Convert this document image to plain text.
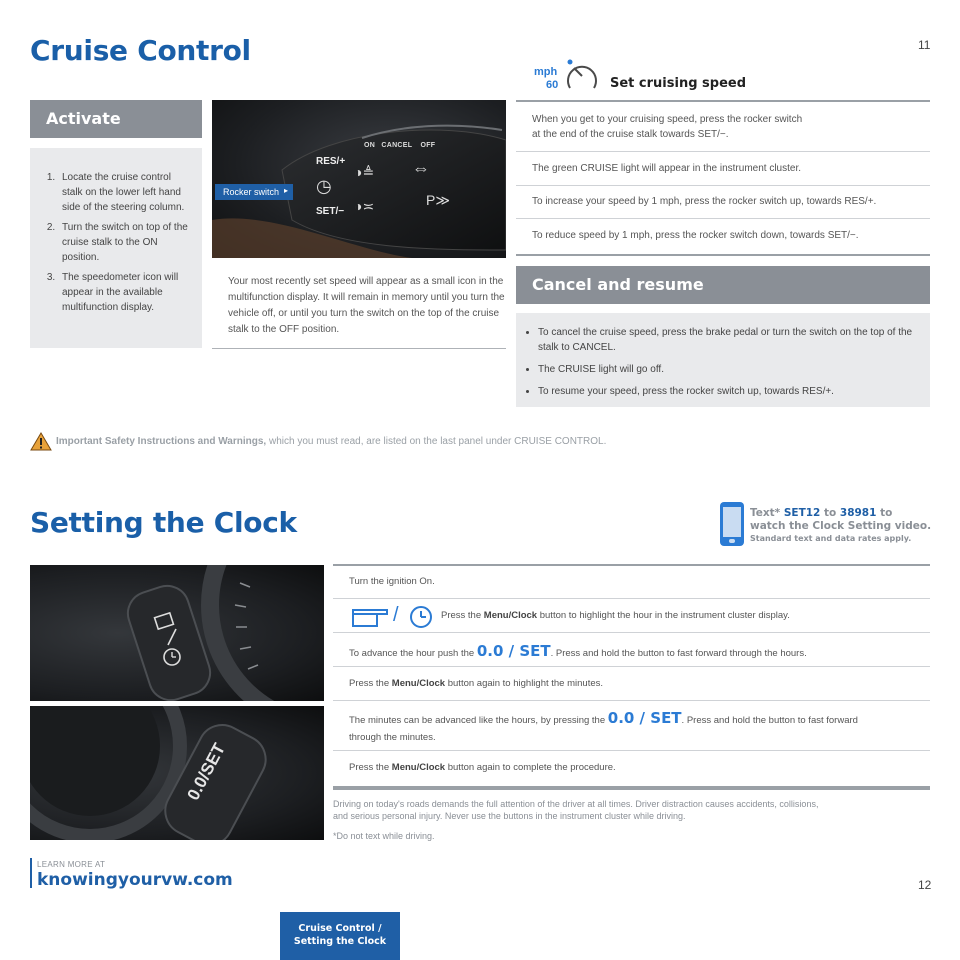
Cruise Control	11
Activate
1. Locate the cruise control stalk on the lower left hand side of the steering column.
2. Turn the switch on top of the cruise stalk to the ON position.
3. The speedometer icon will appear in the available multifunction display.
ON CANCEL OFF
RES/+
SET/−
◷
◑≜
◑≍
⇔
P≫
Rocker switch ▸
Your most recently set speed will appear as a small icon in the multifunction display. It will remain in memory until you turn the vehicle off, or until you turn the switch on the top of the cruise stalk to the OFF position.
mph
60	Set cruising speed
When you get to your cruising speed, press the rocker switch at the end of the cruise stalk towards SET/−.
The green CRUISE light will appear in the instrument cluster.
To increase your speed by 1 mph, press the rocker switch up, towards RES/+.
To reduce speed by 1 mph, press the rocker switch down, towards SET/−.
Cancel and resume
• To cancel the cruise speed, press the brake pedal or turn the switch on the top of the stalk to CANCEL.
• The CRUISE light will go off.
• To resume your speed, press the rocker switch up, towards RES/+.
Important Safety Instructions and Warnings, which you must read, are listed on the last panel under CRUISE CONTROL.
Setting the Clock	Text* SET12 to 38981 to
watch the Clock Setting video.
Standard text and data rates apply.
0.0/SET
Turn the ignition On.
/	Press the Menu/Clock button to highlight the hour in the instrument cluster display.
To advance the hour push the 0.0 / SET. Press and hold the button to fast forward through the hours.
Press the Menu/Clock button again to highlight the minutes.
The minutes can be advanced like the hours, by pressing the 0.0 / SET. Press and hold the button to fast forward
through the minutes.
Press the Menu/Clock button again to complete the procedure.
Driving on today's roads demands the full attention of the driver at all times. Driver distraction causes accidents, collisions, and serious personal injury. Never use the buttons in the instrument cluster while driving.
*Do not text while driving.
LEARN MORE AT
knowingyourvw.com	12
Cruise Control /
Setting the Clock
